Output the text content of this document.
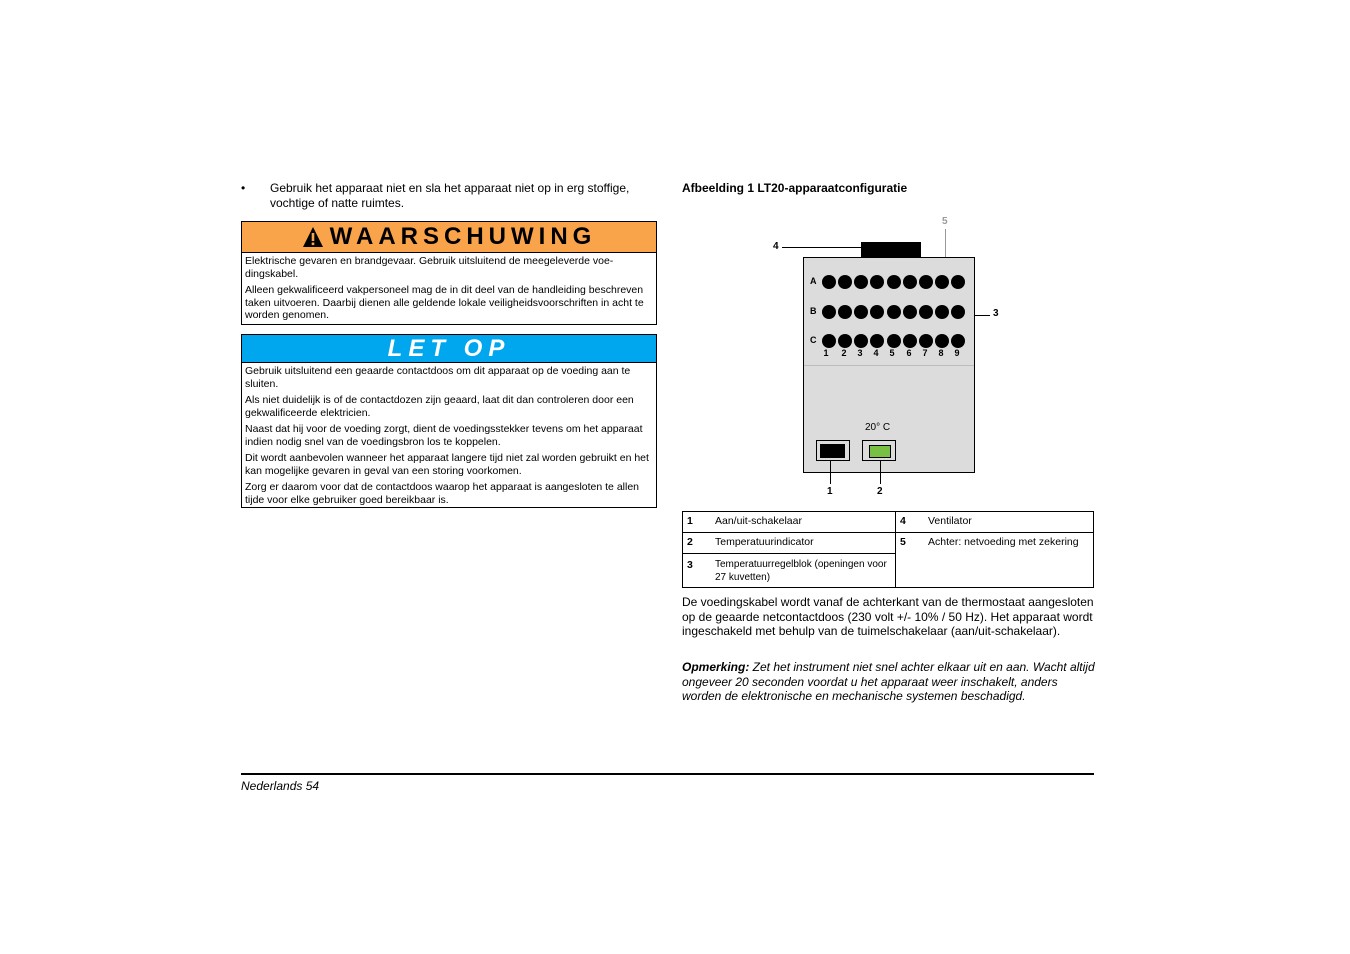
• Gebruik het apparaat niet en sla het apparaat niet op in erg stoffige, vochtige of natte ruimtes.
WAARSCHUWING

Elektrische gevaren en brandgevaar. Gebruik uitsluitend de meegeleverde voe-dingskabel.

Alleen gekwalificeerd vakpersoneel mag de in dit deel van de handleiding beschreven taken uitvoeren. Daarbij dienen alle geldende lokale veiligheidsvoorschriften in acht te worden genomen.

LET OP

Gebruik uitsluitend een geaarde contactdoos om dit apparaat op de voeding aan te sluiten.

Als niet duidelijk is of de contactdozen zijn geaard, laat dit dan controleren door een gekwalificeerde elektricien.

Naast dat hij voor de voeding zorgt, dient de voedingsstekker tevens om het apparaat indien nodig snel van de voedingsbron los te koppelen.

Dit wordt aanbevolen wanneer het apparaat langere tijd niet zal worden gebruikt en het kan mogelijke gevaren in geval van een storing voorkomen.

Zorg er daarom voor dat de contactdoos waarop het apparaat is aangesloten te allen tijde voor elke gebruiker goed bereikbaar is.

Afbeelding 1 LT20-apparaatconfiguratie
4
5
A
B
C
1	2	3	4	5	6	7	8	9
3
20° C
1	2
1	Aan/uit-schakelaar	4	Ventilator
2	Temperatuurindicator	5	Achter: netvoeding met zekering
3	Temperatuurregelblok (openingen voor 27 kuvetten)		
De voedingskabel wordt vanaf de achterkant van de thermostaat aangesloten op de geaarde netcontactdoos (230 volt +/- 10% / 50 Hz). Het apparaat wordt ingeschakeld met behulp van de tuimelschakelaar (aan/uit-schakelaar).
Opmerking: Zet het instrument niet snel achter elkaar uit en aan. Wacht altijd ongeveer 20 seconden voordat u het apparaat weer inschakelt, anders worden de elektronische en mechanische systemen beschadigd.
Nederlands 54
